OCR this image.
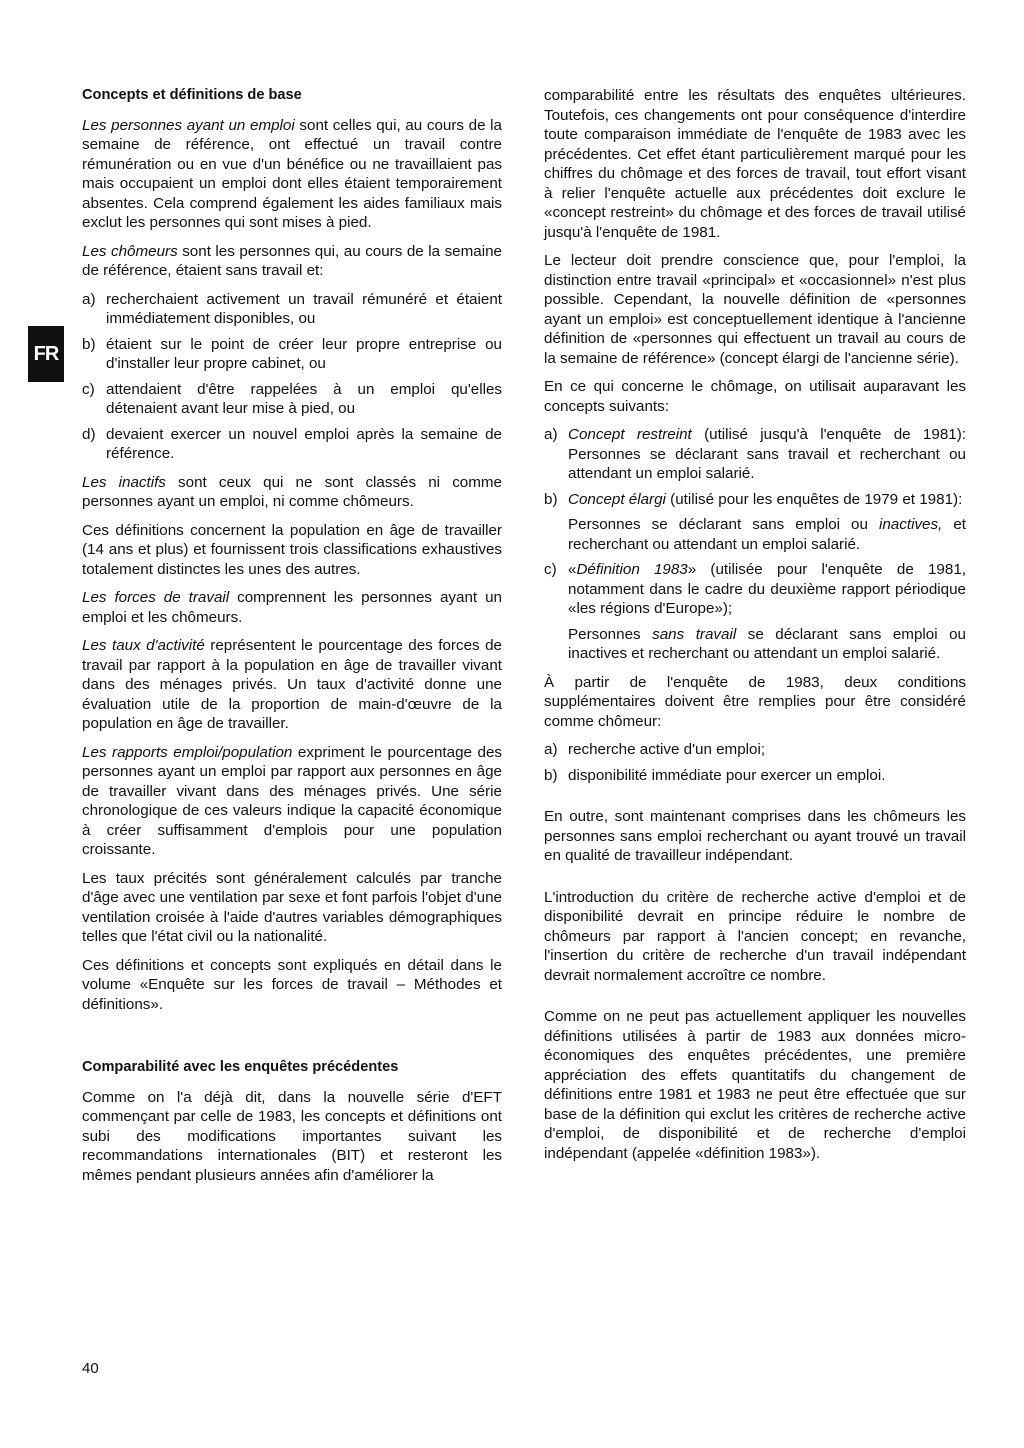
FR
Concepts et définitions de base

Les personnes ayant un emploi sont celles qui, au cours de la semaine de référence, ont effectué un travail contre rémunération ou en vue d'un bénéfice ou ne travaillaient pas mais occupaient un emploi dont elles étaient temporairement absentes. Cela comprend également les aides familiaux mais exclut les personnes qui sont mises à pied.

Les chômeurs sont les personnes qui, au cours de la semaine de référence, étaient sans travail et:

a) recherchaient activement un travail rémunéré et étaient immédiatement disponibles, ou
b) étaient sur le point de créer leur propre entreprise ou d'installer leur propre cabinet, ou
c) attendaient d'être rappelées à un emploi qu'elles détenaient avant leur mise à pied, ou
d) devaient exercer un nouvel emploi après la semaine de référence.

Les inactifs sont ceux qui ne sont classés ni comme personnes ayant un emploi, ni comme chômeurs.

Ces définitions concernent la population en âge de travailler (14 ans et plus) et fournissent trois classifications exhaustives totalement distinctes les unes des autres.

Les forces de travail comprennent les personnes ayant un emploi et les chômeurs.

Les taux d'activité représentent le pourcentage des forces de travail par rapport à la population en âge de travailler vivant dans des ménages privés. Un taux d'activité donne une évaluation utile de la proportion de main-d'œuvre de la population en âge de travailler.

Les rapports emploi/population expriment le pourcentage des personnes ayant un emploi par rapport aux personnes en âge de travailler vivant dans des ménages privés. Une série chronologique de ces valeurs indique la capacité économique à créer suffisamment d'emplois pour une population croissante.

Les taux précités sont généralement calculés par tranche d'âge avec une ventilation par sexe et font parfois l'objet d'une ventilation croisée à l'aide d'autres variables démographiques telles que l'état civil ou la nationalité.

Ces définitions et concepts sont expliqués en détail dans le volume «Enquête sur les forces de travail – Méthodes et définitions».

Comparabilité avec les enquêtes précédentes

Comme on l'a déjà dit, dans la nouvelle série d'EFT commençant par celle de 1983, les concepts et définitions ont subi des modifications importantes suivant les recommandations internationales (BIT) et resteront les mêmes pendant plusieurs années afin d'améliorer la

comparabilité entre les résultats des enquêtes ultérieures. Toutefois, ces changements ont pour conséquence d'interdire toute comparaison immédiate de l'enquête de 1983 avec les précédentes. Cet effet étant particulièrement marqué pour les chiffres du chômage et des forces de travail, tout effort visant à relier l'enquête actuelle aux précédentes doit exclure le «concept restreint» du chômage et des forces de travail utilisé jusqu'à l'enquête de 1981.

Le lecteur doit prendre conscience que, pour l'emploi, la distinction entre travail «principal» et «occasionnel» n'est plus possible. Cependant, la nouvelle définition de «personnes ayant un emploi» est conceptuellement identique à l'ancienne définition de «personnes qui effectuent un travail au cours de la semaine de référence» (concept élargi de l'ancienne série).

En ce qui concerne le chômage, on utilisait auparavant les concepts suivants:

a) Concept restreint (utilisé jusqu'à l'enquête de 1981): Personnes se déclarant sans travail et recherchant ou attendant un emploi salarié.
b) Concept élargi (utilisé pour les enquêtes de 1979 et 1981):
Personnes se déclarant sans emploi ou inactives, et recherchant ou attendant un emploi salarié.
c) «Définition 1983» (utilisée pour l'enquête de 1981, notamment dans le cadre du deuxième rapport périodique «les régions d'Europe»);
Personnes sans travail se déclarant sans emploi ou inactives et recherchant ou attendant un emploi salarié.

À partir de l'enquête de 1983, deux conditions supplémentaires doivent être remplies pour être considéré comme chômeur:

a) recherche active d'un emploi;
b) disponibilité immédiate pour exercer un emploi.

En outre, sont maintenant comprises dans les chômeurs les personnes sans emploi recherchant ou ayant trouvé un travail en qualité de travailleur indépendant.

L'introduction du critère de recherche active d'emploi et de disponibilité devrait en principe réduire le nombre de chômeurs par rapport à l'ancien concept; en revanche, l'insertion du critère de recherche d'un travail indépendant devrait normalement accroître ce nombre.

Comme on ne peut pas actuellement appliquer les nouvelles définitions utilisées à partir de 1983 aux données micro-économiques des enquêtes précédentes, une première appréciation des effets quantitatifs du changement de définitions entre 1981 et 1983 ne peut être effectuée que sur base de la définition qui exclut les critères de recherche active d'emploi, de disponibilité et de recherche d'emploi indépendant (appelée «définition 1983»).

40
